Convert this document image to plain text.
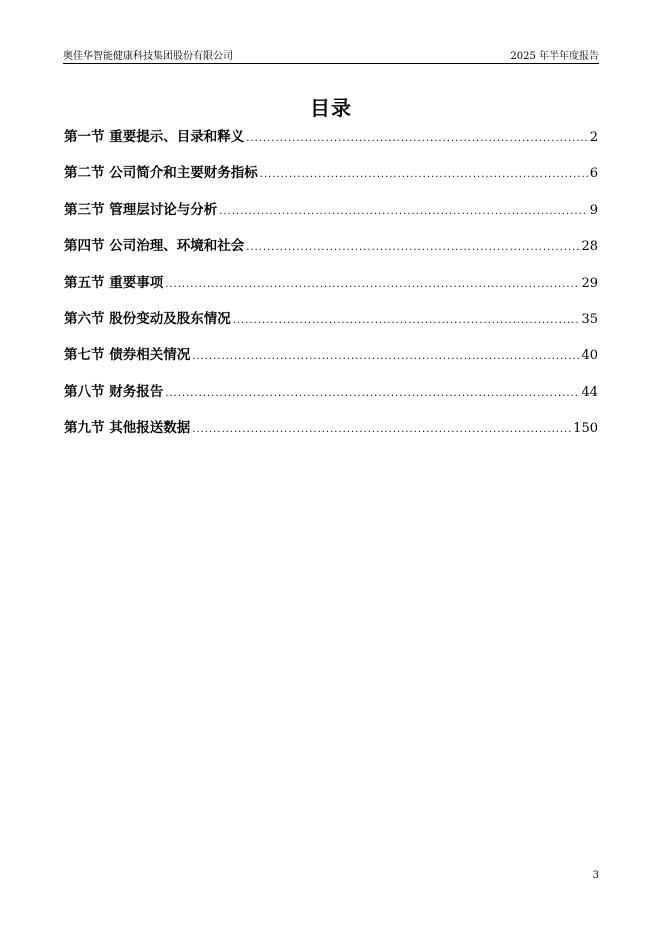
奥佳华智能健康科技集团股份有限公司	2025 年半年度报告
目录
第一节 重要提示、目录和释义 .....	2
第二节 公司简介和主要财务指标 .....	6
第三节 管理层讨论与分析 .....	9
第四节 公司治理、环境和社会 .....	28
第五节 重要事项 .....	29
第六节 股份变动及股东情况 .....	35
第七节 债券相关情况 .....	40
第八节 财务报告 .....	44
第九节 其他报送数据 .....	150
3
